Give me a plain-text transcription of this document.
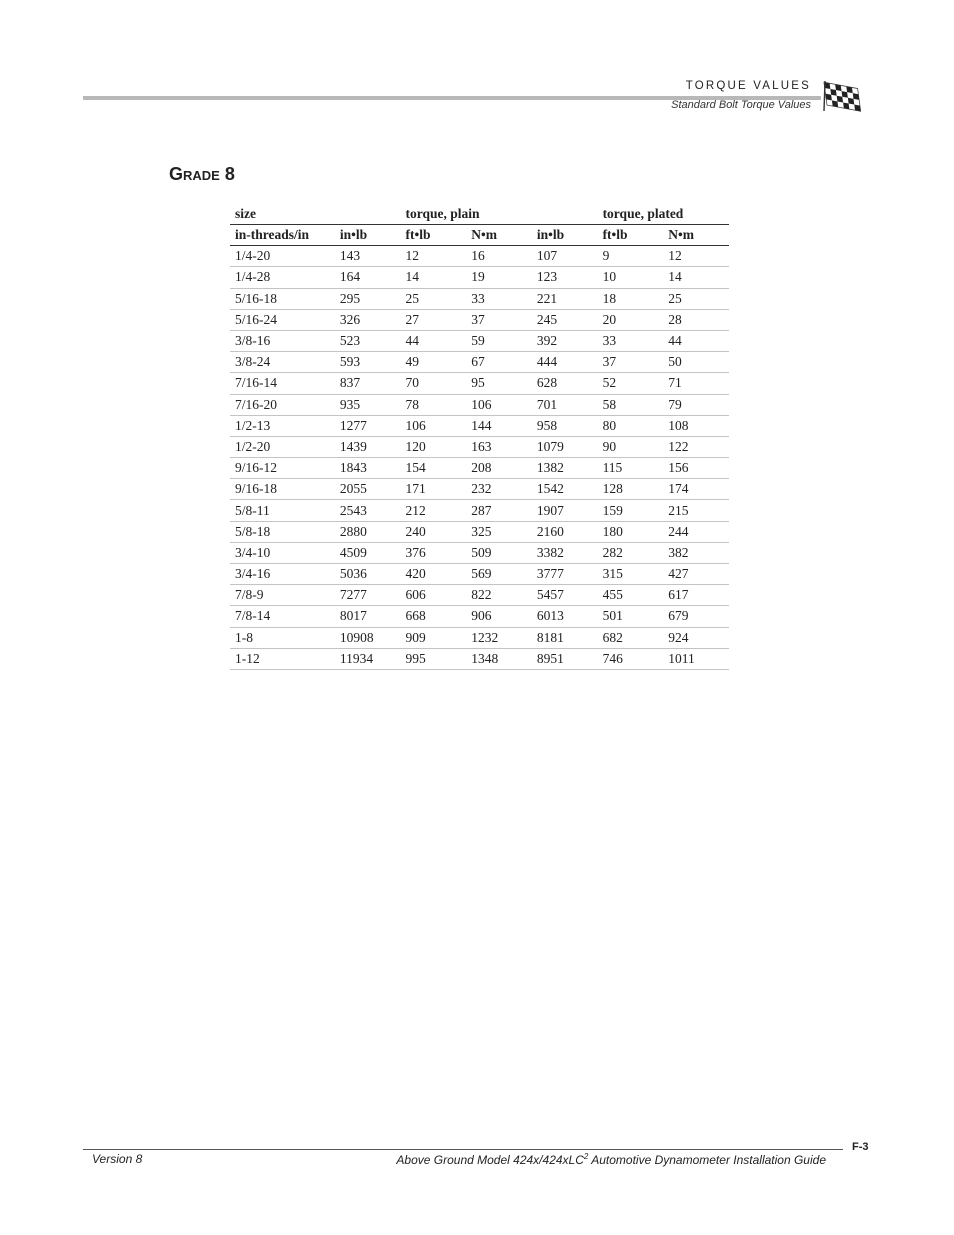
TORQUE VALUES
Standard Bolt Torque Values
Grade 8
size		torque, plain			torque, plated	
in-threads/in	in•lb	ft•lb	N•m	in•lb	ft•lb	N•m
1/4-20	143	12	16	107	9	12
1/4-28	164	14	19	123	10	14
5/16-18	295	25	33	221	18	25
5/16-24	326	27	37	245	20	28
3/8-16	523	44	59	392	33	44
3/8-24	593	49	67	444	37	50
7/16-14	837	70	95	628	52	71
7/16-20	935	78	106	701	58	79
1/2-13	1277	106	144	958	80	108
1/2-20	1439	120	163	1079	90	122
9/16-12	1843	154	208	1382	115	156
9/16-18	2055	171	232	1542	128	174
5/8-11	2543	212	287	1907	159	215
5/8-18	2880	240	325	2160	180	244
3/4-10	4509	376	509	3382	282	382
3/4-16	5036	420	569	3777	315	427
7/8-9	7277	606	822	5457	455	617
7/8-14	8017	668	906	6013	501	679
1-8	10908	909	1232	8181	682	924
1-12	11934	995	1348	8951	746	1011
Version 8	Above Ground Model 424x/424xLC$^2$ Automotive Dynamometer Installation Guide
F-3
